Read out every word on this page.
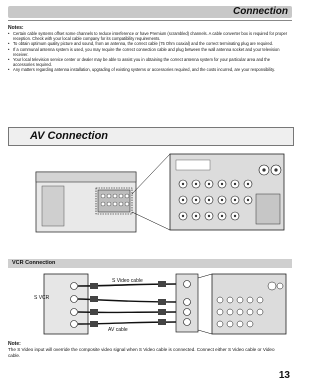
Connection
Notes:
• Certain cable systems offset some channels to reduce interference or have Premium (scrambled) channels. A cable converter box is required for proper reception. Check with your local cable company for its compatibility requirements.
• To obtain optimum quality picture and sound, from an antenna, the correct cable (75 Ohm coaxial) and the correct terminating plug are required.
• If a communal antenna system is used, you may require the correct connection cable and plug between the wall antenna socket and your television receiver.
• Your local television service center or dealer may be able to assist you in obtaining the correct antenna system for your particular area and the accessories required.
• Any matters regarding antenna installation, upgrading of existing systems or accessories required, and the costs incurred, are your responsibility.
AV Connection
VCR Connection
S VCR
S Video cable
AV cable
Note:
The S Video input will override the composite video signal when S Video cable is connected. Connect either S Video cable or Video cable.
13
